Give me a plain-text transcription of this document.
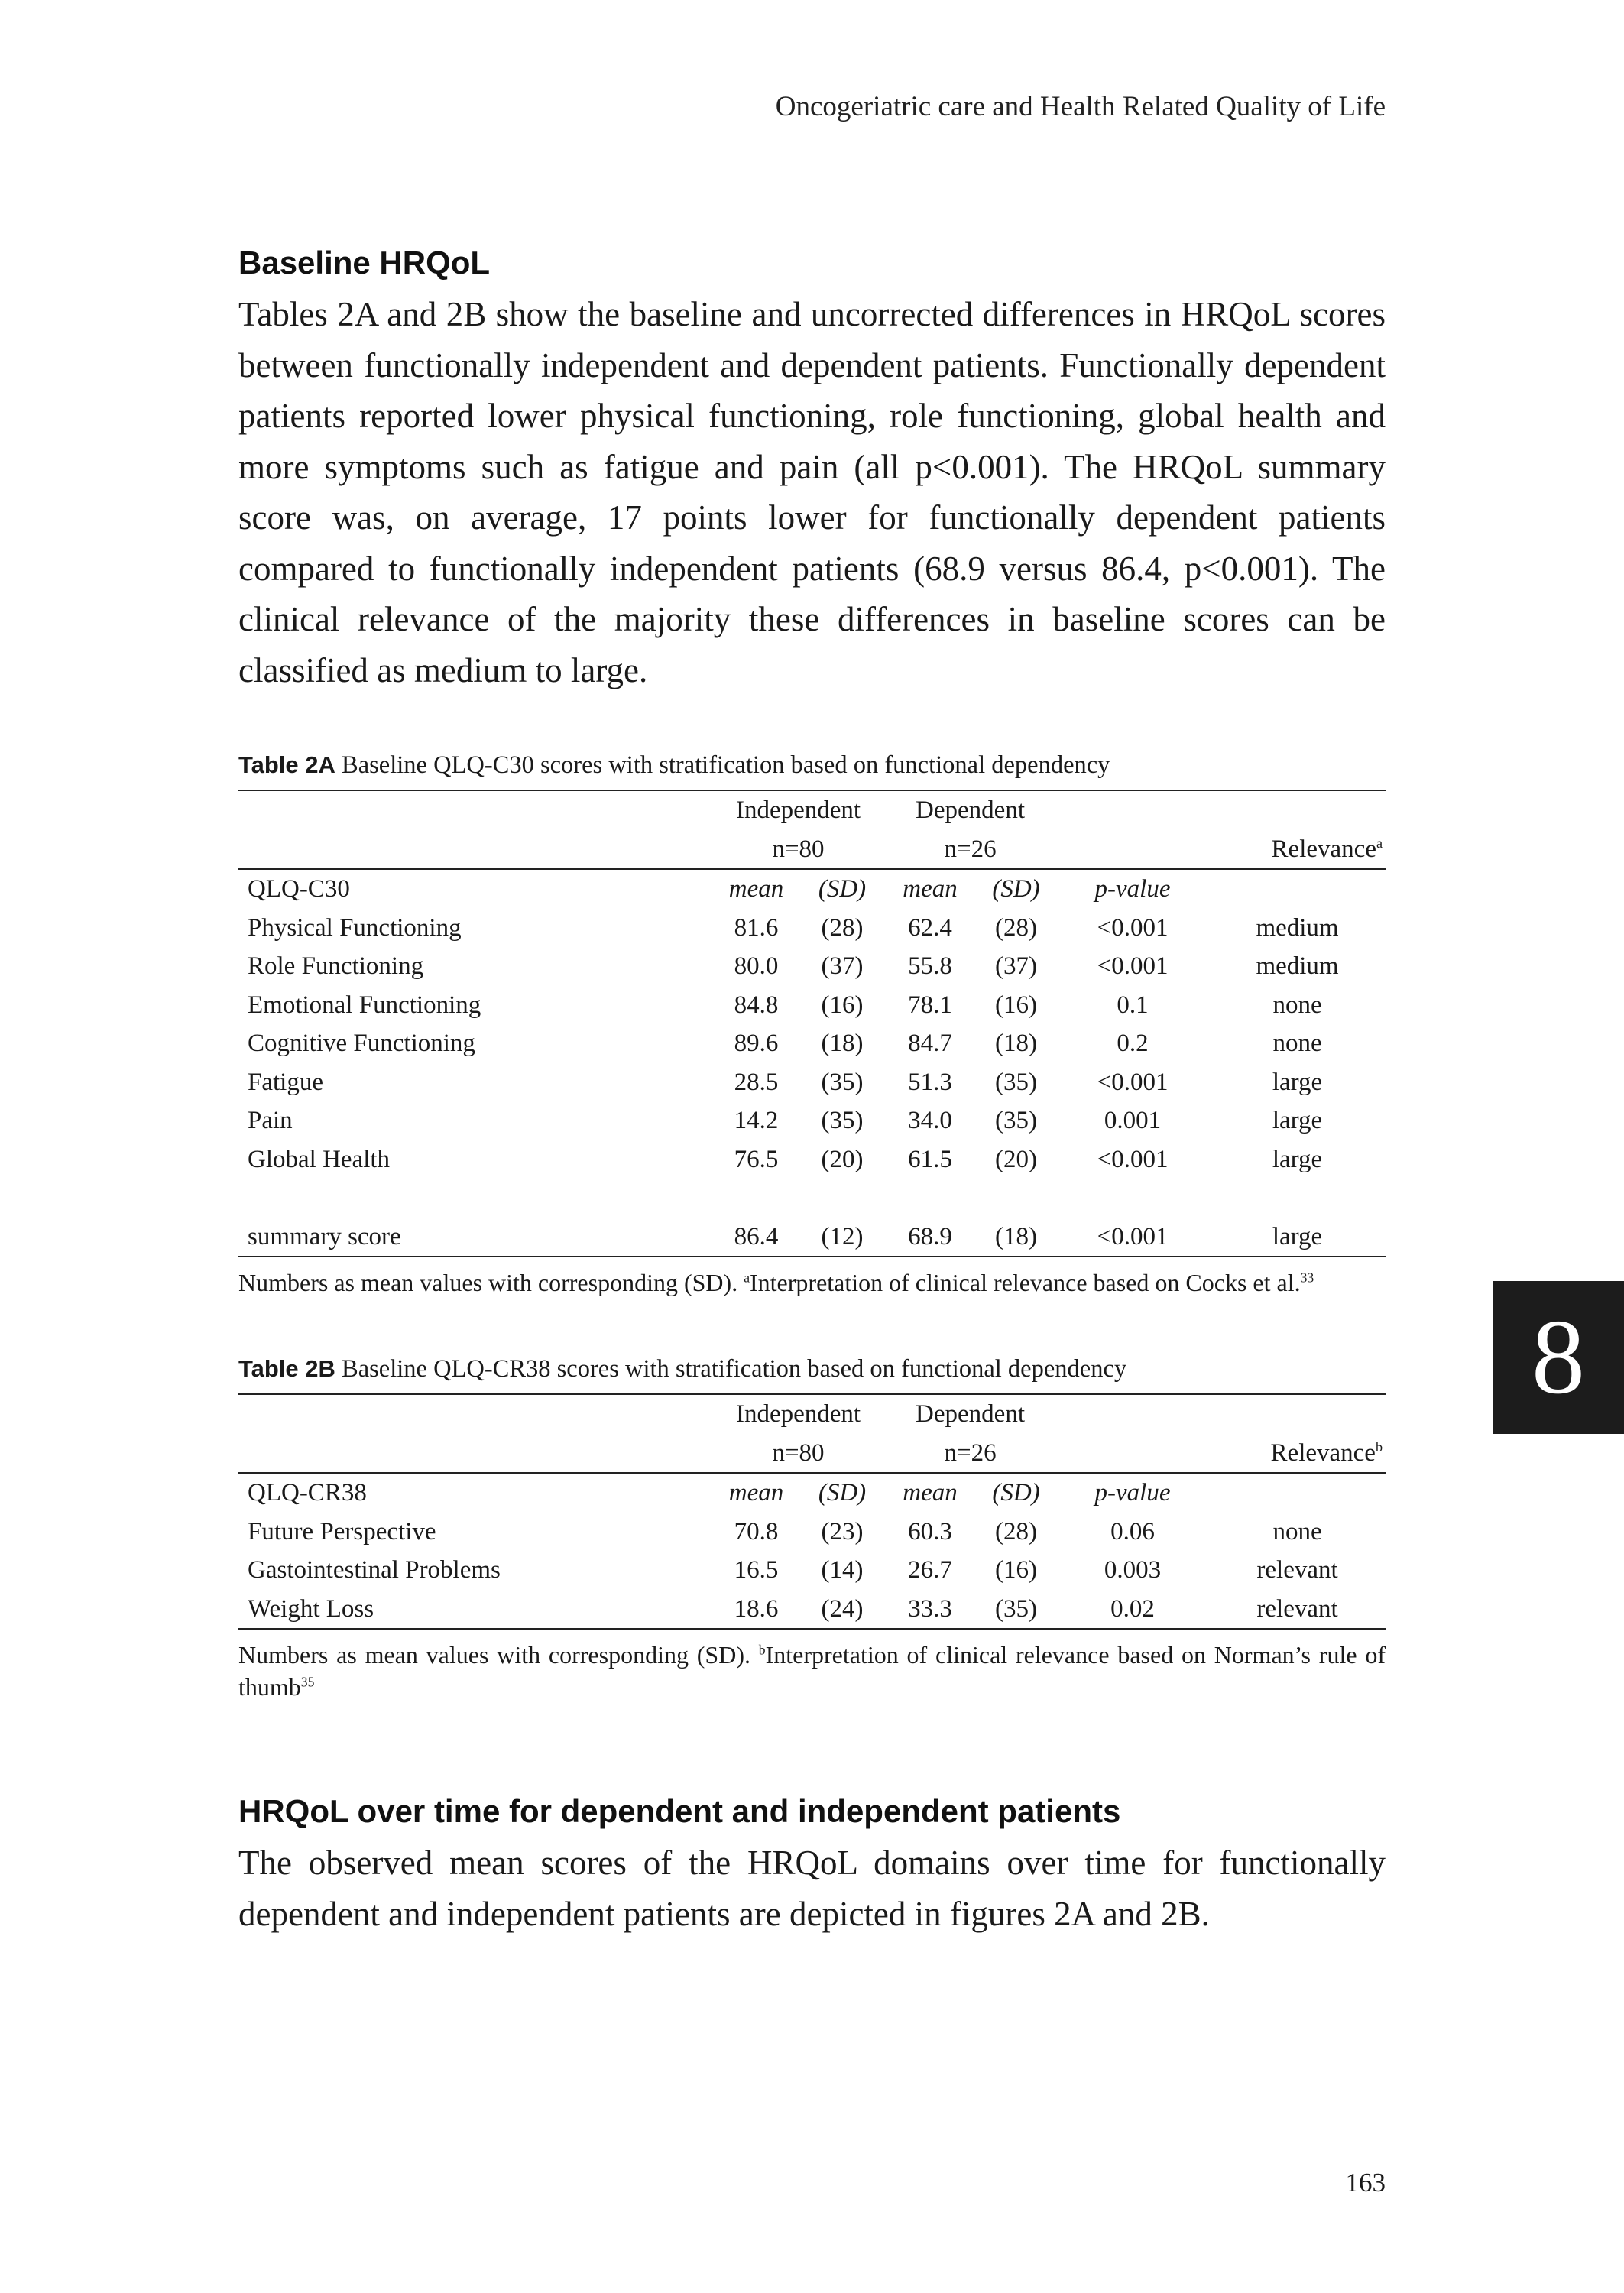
Oncogeriatric care and Health Related Quality of Life
Baseline HRQoL

Tables 2A and 2B show the baseline and uncorrected differences in HRQoL scores between functionally independent and dependent patients. Functionally dependent patients reported lower physical functioning, role functioning, global health and more symptoms such as fatigue and pain (all p<0.001). The HRQoL summary score was, on average, 17 points lower for functionally dependent patients compared to functionally independent patients (68.9 versus 86.4, p<0.001). The clinical relevance of the majority these differences in baseline scores can be classified as medium to large.

Table 2A Baseline QLQ-C30 scores with stratification based on functional dependency

	Independent		Dependent			
	n=80		n=26			Relevance$^a$
QLQ-C30	mean	(SD)	mean	(SD)	p-value	
Physical Functioning	81.6	(28)	62.4	(28)	<0.001	medium
Role Functioning	80.0	(37)	55.8	(37)	<0.001	medium
Emotional Functioning	84.8	(16)	78.1	(16)	0.1	none
Cognitive Functioning	89.6	(18)	84.7	(18)	0.2	none
Fatigue	28.5	(35)	51.3	(35)	<0.001	large
Pain	14.2	(35)	34.0	(35)	0.001	large
Global Health	76.5	(20)	61.5	(20)	<0.001	large

summary score	86.4	(12)	68.9	(18)	<0.001	large
Numbers as mean values with corresponding (SD). $^a$Interpretation of clinical relevance based on Cocks et al.$^{33}$

Table 2B Baseline QLQ-CR38 scores with stratification based on functional dependency

	Independent		Dependent			
	n=80		n=26			Relevance$^b$
QLQ-CR38	mean	(SD)	mean	(SD)	p-value	
Future Perspective	70.8	(23)	60.3	(28)	0.06	none
Gastointestinal Problems	16.5	(14)	26.7	(16)	0.003	relevant
Weight Loss	18.6	(24)	33.3	(35)	0.02	relevant
Numbers as mean values with corresponding (SD). $^b$Interpretation of clinical relevance based on Norman’s rule of thumb$^{35}$
HRQoL over time for dependent and independent patients

The observed mean scores of the HRQoL domains over time for functionally dependent and independent patients are depicted in figures 2A and 2B.

8
163
